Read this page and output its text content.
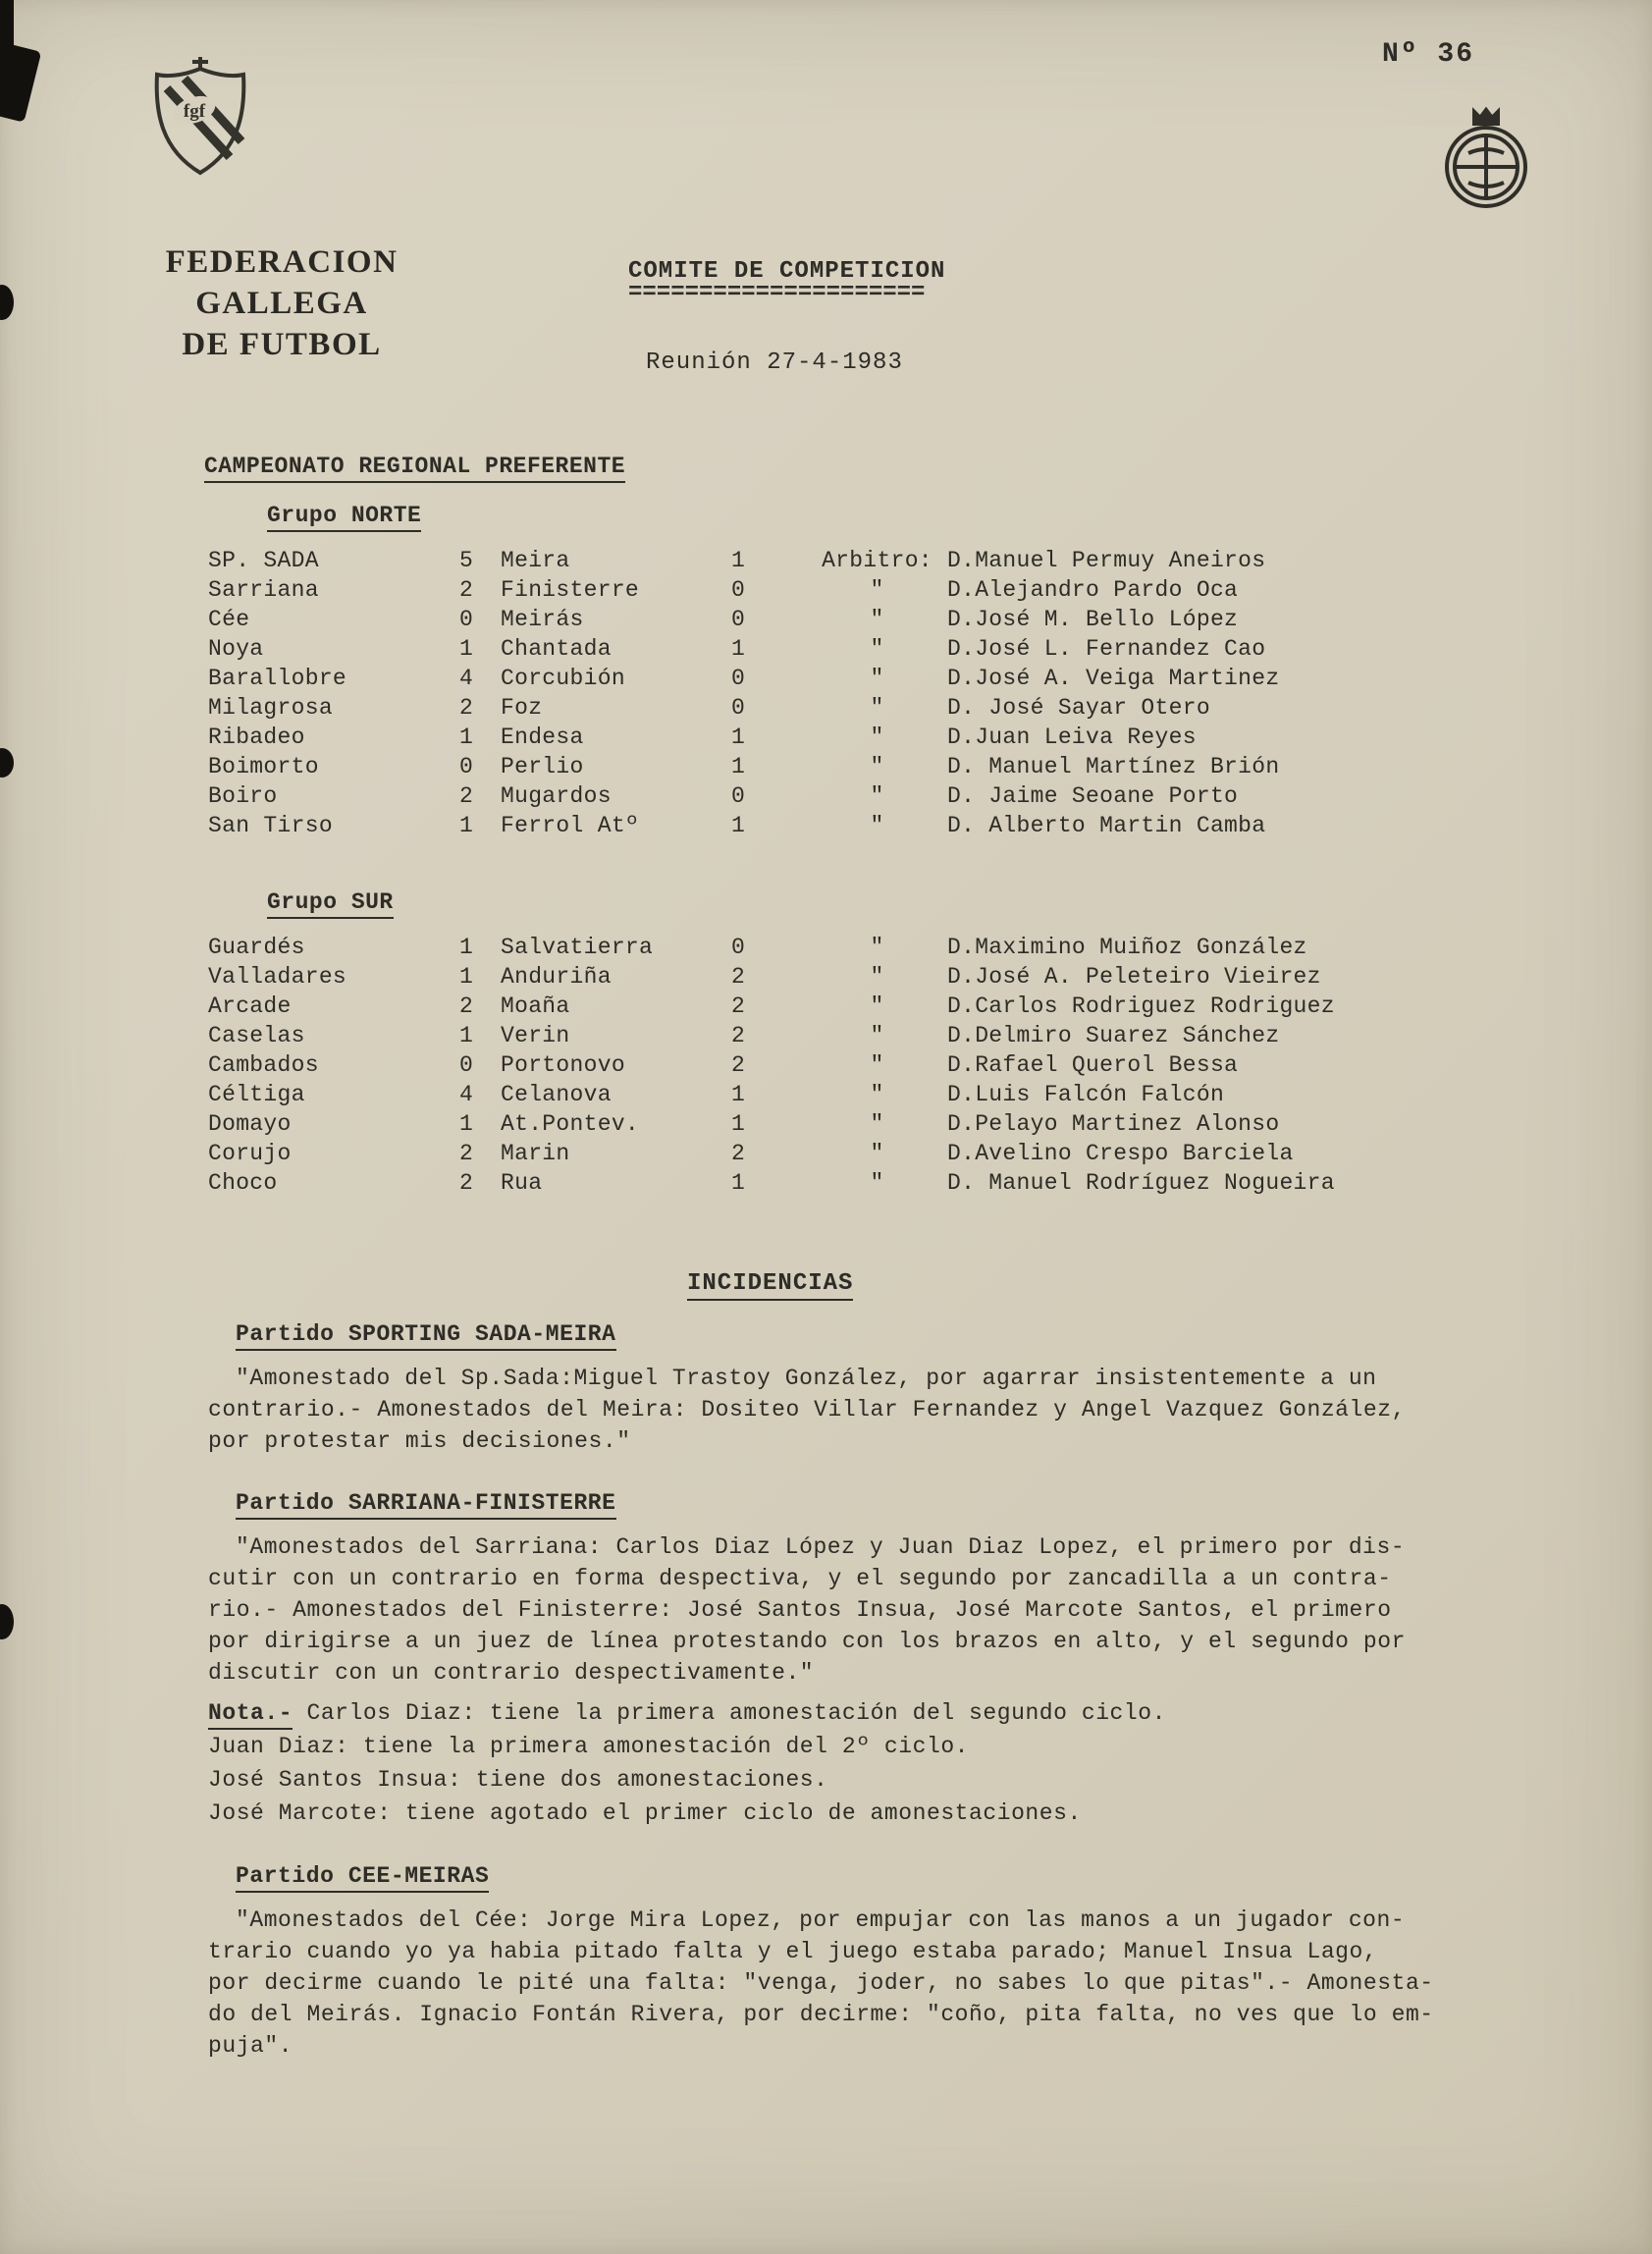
Nº 36
fgf
FEDERACION GALLEGA
DE FUTBOL
COMITE DE COMPETICION
=====================
Reunión 27-4-1983
CAMPEONATO REGIONAL PREFERENTE
Grupo NORTE
SP. SADA	5	Meira	1	Arbitro: D.Manuel Permuy Aneiros
Sarriana	2	Finisterre	0	"	D.Alejandro Pardo Oca
Cée	0	Meirás	0	"	D.José M. Bello López
Noya	1	Chantada	1	"	D.José L. Fernandez Cao
Barallobre	4	Corcubión	0	"	D.José A. Veiga Martinez
Milagrosa	2	Foz	0	"	D. José Sayar Otero
Ribadeo	1	Endesa	1	"	D.Juan Leiva Reyes
Boimorto	0	Perlio	1	"	D. Manuel Martínez Brión
Boiro	2	Mugardos	0	"	D. Jaime Seoane Porto
San Tirso	1	Ferrol Atº	1	"	D. Alberto Martin Camba
Grupo SUR
Guardés	1	Salvatierra	0	"	D.Maximino Muiñoz González
Valladares	1	Anduriña	2	"	D.José A. Peleteiro Vieirez
Arcade	2	Moaña	2	"	D.Carlos Rodriguez Rodriguez
Caselas	1	Verin	2	"	D.Delmiro Suarez Sánchez
Cambados	0	Portonovo	2	"	D.Rafael Querol Bessa
Céltiga	4	Celanova	1	"	D.Luis Falcón Falcón
Domayo	1	At.Pontev.	1	"	D.Pelayo Martinez Alonso
Corujo	2	Marin	2	"	D.Avelino Crespo Barciela
Choco	2	Rua	1	"	D. Manuel Rodríguez Nogueira
INCIDENCIAS
Partido SPORTING SADA-MEIRA
"Amonestado del Sp.Sada:Miguel Trastoy González, por agarrar insistentemente a un
contrario.- Amonestados del Meira: Dositeo Villar Fernandez y Angel Vazquez González,
por protestar mis decisiones."
Partido SARRIANA-FINISTERRE
"Amonestados del Sarriana: Carlos Diaz López y Juan Diaz Lopez, el primero por dis-
cutir con un contrario en forma despectiva, y el segundo por zancadilla a un contra-
rio.- Amonestados del Finisterre: José Santos Insua, José Marcote Santos, el primero
por dirigirse a un juez de línea protestando con los brazos en alto, y el segundo por
discutir con un contrario despectivamente."
Nota.- Carlos Diaz: tiene la primera amonestación del segundo ciclo.
Juan Diaz: tiene la primera amonestación del 2º ciclo.
José Santos Insua: tiene dos amonestaciones.
José Marcote: tiene agotado el primer ciclo de amonestaciones.
Partido CEE-MEIRAS
"Amonestados del Cée: Jorge Mira Lopez, por empujar con las manos a un jugador con-
trario cuando yo ya habia pitado falta y el juego estaba parado; Manuel Insua Lago,
por decirme cuando le pité una falta: "venga, joder, no sabes lo que pitas".- Amonesta-
do del Meirás. Ignacio Fontán Rivera, por decirme: "coño, pita falta, no ves que lo em-
puja".
